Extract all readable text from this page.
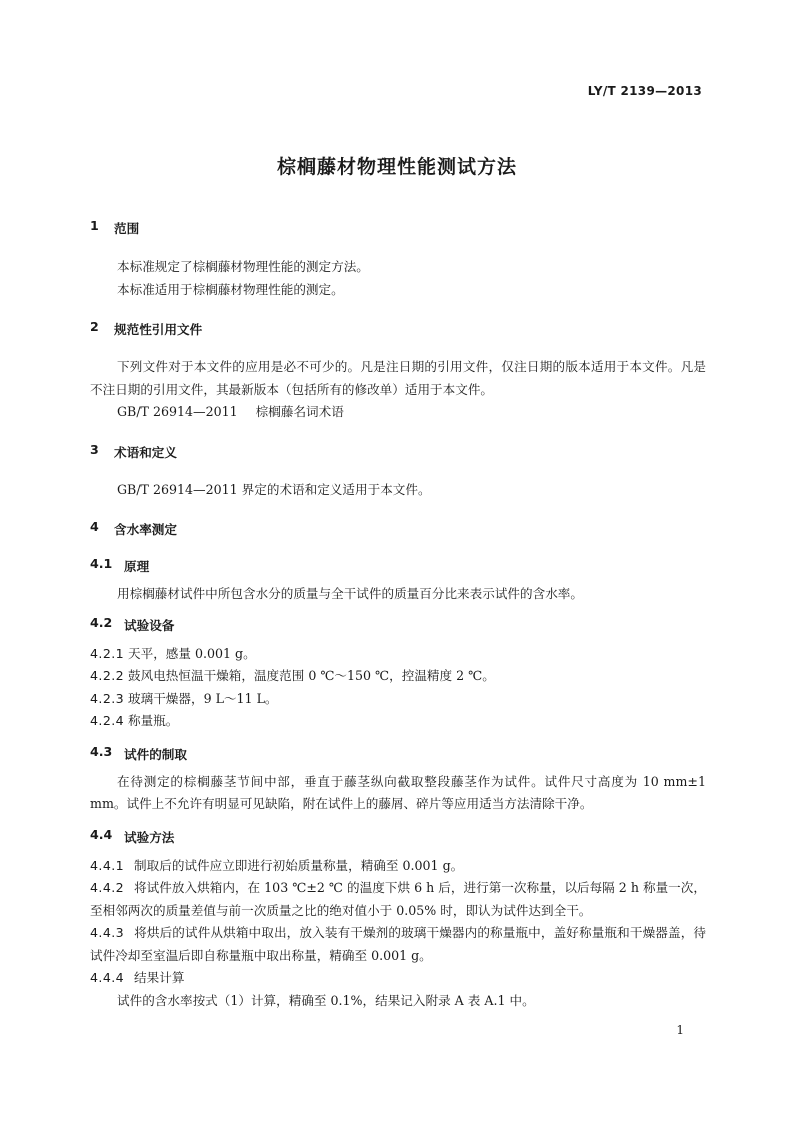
LY/T 2139—2013
棕榈藤材物理性能测试方法
1	范围
本标准规定了棕榈藤材物理性能的测定方法。
本标准适用于棕榈藤材物理性能的测定。
2	规范性引用文件
下列文件对于本文件的应用是必不可少的。凡是注日期的引用文件，仅注日期的版本适用于本文件。凡是不注日期的引用文件，其最新版本（包括所有的修改单）适用于本文件。
GB/T 26914—2011 棕榈藤名词术语
3	术语和定义
GB/T 26914—2011 界定的术语和定义适用于本文件。
4	含水率测定
4.1 原理
用棕榈藤材试件中所包含水分的质量与全干试件的质量百分比来表示试件的含水率。
4.2 试验设备
4.2.1 天平，感量 0.001 g。
4.2.2 鼓风电热恒温干燥箱，温度范围 0 ℃～150 ℃，控温精度 2 ℃。
4.2.3 玻璃干燥器，9 L～11 L。
4.2.4 称量瓶。
4.3 试件的制取
在待测定的棕榈藤茎节间中部，垂直于藤茎纵向截取整段藤茎作为试件。试件尺寸高度为 10 mm±1 mm。试件上不允许有明显可见缺陷，附在试件上的藤屑、碎片等应用适当方法清除干净。
4.4 试验方法
4.4.1 制取后的试件应立即进行初始质量称量，精确至 0.001 g。
4.4.2 将试件放入烘箱内，在 103 ℃±2 ℃ 的温度下烘 6 h 后，进行第一次称量，以后每隔 2 h 称量一次，至相邻两次的质量差值与前一次质量之比的绝对值小于 0.05% 时，即认为试件达到全干。
4.4.3 将烘后的试件从烘箱中取出，放入装有干燥剂的玻璃干燥器内的称量瓶中，盖好称量瓶和干燥器盖，待试件冷却至室温后即自称量瓶中取出称量，精确至 0.001 g。
4.4.4 结果计算
试件的含水率按式（1）计算，精确至 0.1%，结果记入附录 A 表 A.1 中。
1
